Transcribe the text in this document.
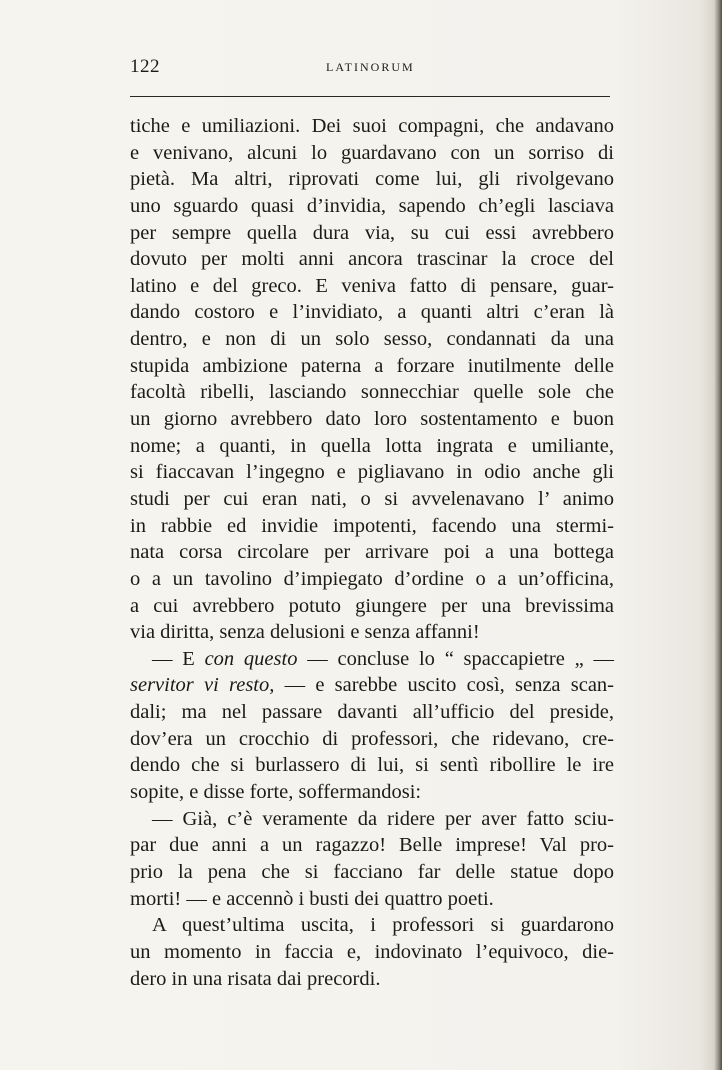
122	LATINORUM
tiche e umiliazioni. Dei suoi compagni, che andavano
e venivano, alcuni lo guardavano con un sorriso di
pietà. Ma altri, riprovati come lui, gli rivolgevano
uno sguardo quasi d’invidia, sapendo ch’egli lasciava
per sempre quella dura via, su cui essi avrebbero
dovuto per molti anni ancora trascinar la croce del
latino e del greco. E veniva fatto di pensare, guar-
dando costoro e l’invidiato, a quanti altri c’eran là
dentro, e non di un solo sesso, condannati da una
stupida ambizione paterna a forzare inutilmente delle
facoltà ribelli, lasciando sonnecchiar quelle sole che
un giorno avrebbero dato loro sostentamento e buon
nome; a quanti, in quella lotta ingrata e umiliante,
si fiaccavan l’ingegno e pigliavano in odio anche gli
studi per cui eran nati, o si avvelenavano l’ animo
in rabbie ed invidie impotenti, facendo una stermi-
nata corsa circolare per arrivare poi a una bottega
o a un tavolino d’impiegato d’ordine o a un’officina,
a cui avrebbero potuto giungere per una brevissima
via diritta, senza delusioni e senza affanni!
— E con questo — concluse lo “ spaccapietre „ —
servitor vi resto, — e sarebbe uscito così, senza scan-
dali; ma nel passare davanti all’ufficio del preside,
dov’era un crocchio di professori, che ridevano, cre-
dendo che si burlassero di lui, si sentì ribollire le ire
sopite, e disse forte, soffermandosi:
— Già, c’è veramente da ridere per aver fatto sciu-
par due anni a un ragazzo! Belle imprese! Val pro-
prio la pena che si facciano far delle statue dopo
morti! — e accennò i busti dei quattro poeti.
A quest’ultima uscita, i professori si guardarono
un momento in faccia e, indovinato l’equivoco, die-
dero in una risata dai precordi.
